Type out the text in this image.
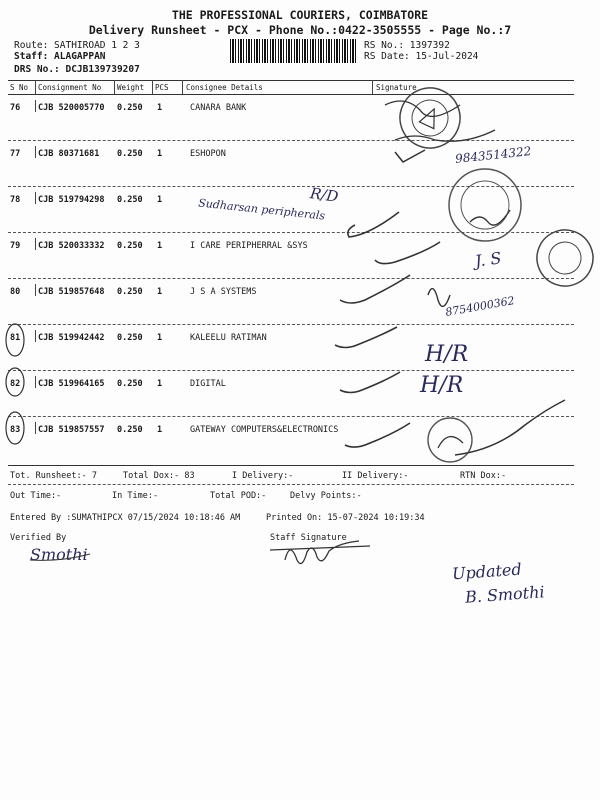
THE PROFESSIONAL COURIERS, COIMBATORE
Delivery Runsheet - PCX - Phone No.:0422-3505555 - Page No.:7
Route: SATHIROAD 1 2 3
Staff: ALAGAPPAN
DRS No.: DCJB139739207
RS No.: 1397392
RS Date: 15-Jul-2024
S No Consignment No Weight PCS Consignee Details	Signature
76 CJB 520005770 0.250 1	CANARA BANK
77 CJB 80371681 0.250 1	ESHOPON
78 CJB 519794298 0.250 1
79 CJB 520033332 0.250 1	I CARE PERIPHERRAL &SYS
80 CJB 519857648 0.250 1	J S A SYSTEMS
81 CJB 519942442 0.250 1	KALEELU RATIMAN
82 CJB 519964165 0.250 1	DIGITAL
83 CJB 519857557 0.250 1	GATEWAY COMPUTERS&ELECTRONICS
Tot. Runsheet:- 7	Total Dox:- 83	I Delivery:-	II Delivery:-	RTN Dox:-
Out Time:-	In Time:-	Total POD:-	Delvy Points:-
Entered By :SUMATHIPCX 07/15/2024 10:18:46 AM	Printed On: 15-07-2024 10:19:34
Verified By	Staff Signature
9843514322
R/D
Sudharsan peripherals
J. S
8754000362
H/R
H/R
Smothi
Updated
B. Smothi
